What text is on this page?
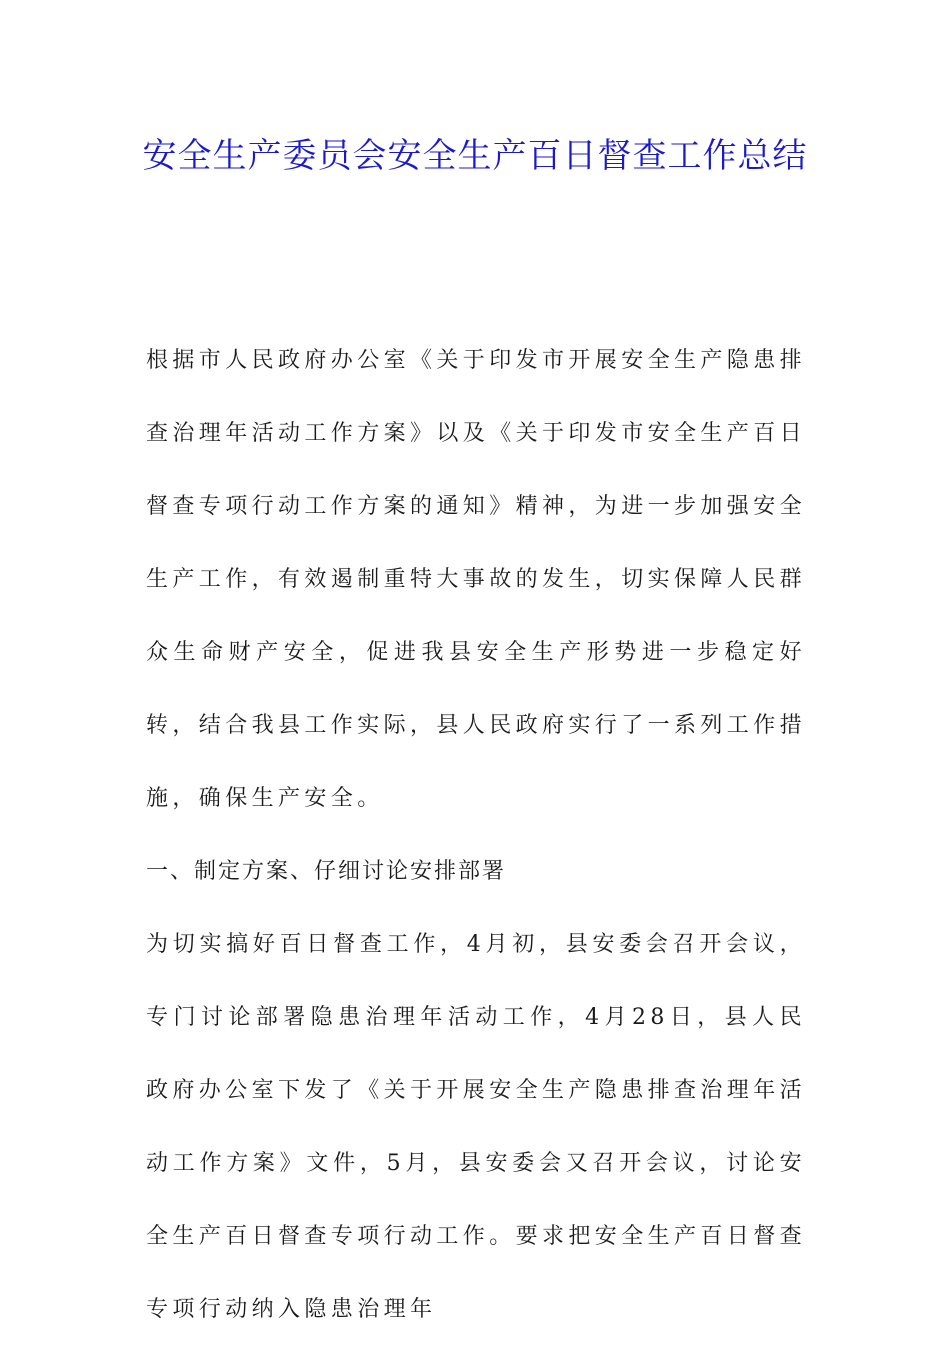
安全生产委员会安全生产百日督查工作总结

根据市人民政府办公室《关于印发市开展安全生产隐患排查治理年活动工作方案》以及《关于印发市安全生产百日督查专项行动工作方案的通知》精神，为进一步加强安全生产工作，有效遏制重特大事故的发生，切实保障人民群众生命财产安全，促进我县安全生产形势进一步稳定好转，结合我县工作实际，县人民政府实行了一系列工作措施，确保生产安全。

一、制定方案、仔细讨论安排部署

为切实搞好百日督查工作，4月初，县安委会召开会议，专门讨论部署隐患治理年活动工作，4月28日，县人民政府办公室下发了《关于开展安全生产隐患排查治理年活动工作方案》文件，5月，县安委会又召开会议，讨论安全生产百日督查专项行动工作。要求把安全生产百日督查专项行动纳入隐患治理年
